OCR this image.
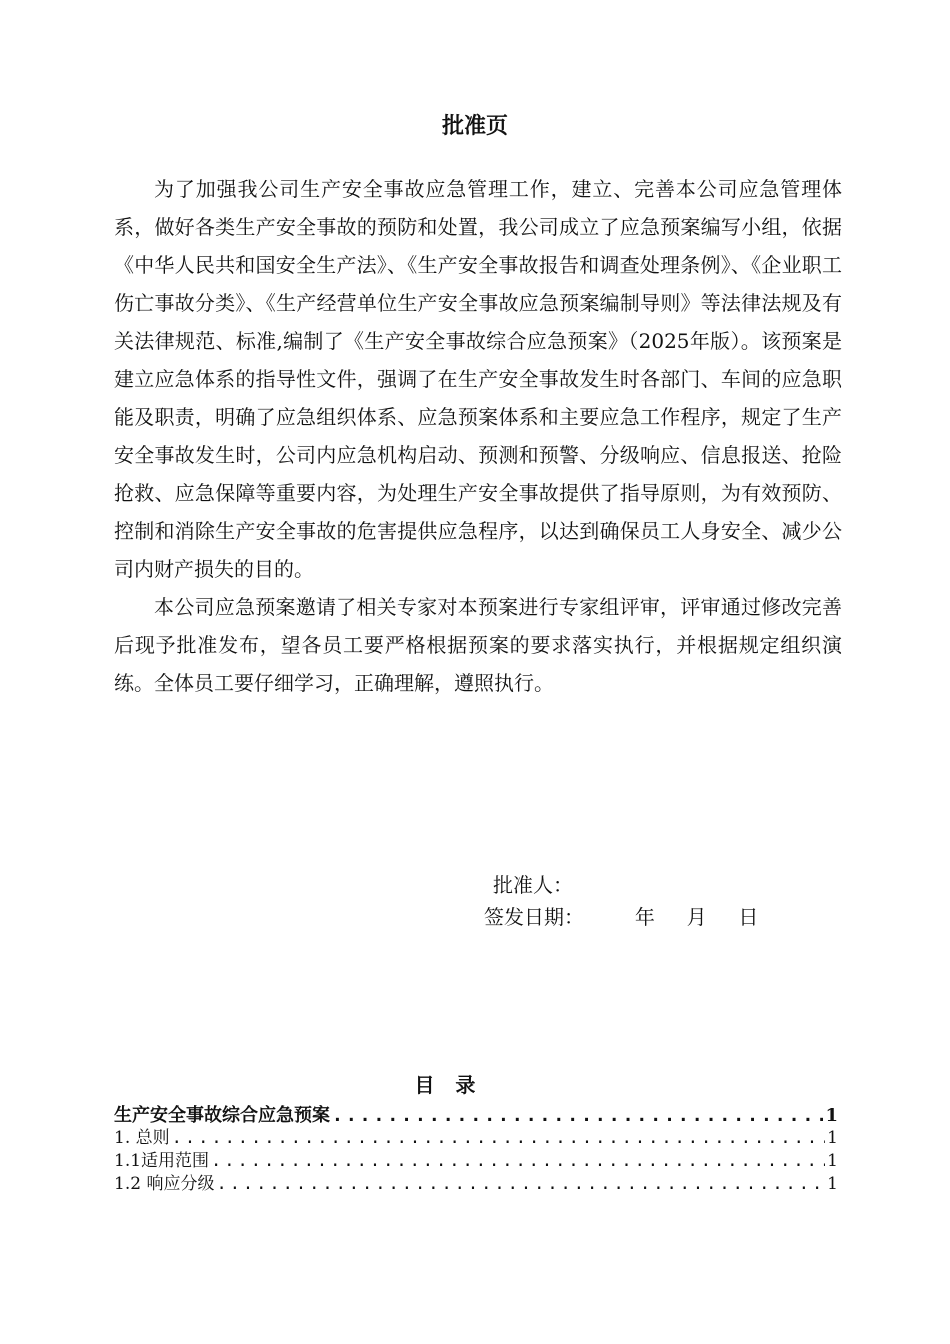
批准页

为了加强我公司生产安全事故应急管理工作，建立、完善本公司应急管理体系，做好各类生产安全事故的预防和处置，我公司成立了应急预案编写小组，依据《中华人民共和国安全生产法》、《生产安全事故报告和调查处理条例》、《企业职工伤亡事故分类》、《生产经营单位生产安全事故应急预案编制导则》等法律法规及有关法律规范、标准,编制了《生产安全事故综合应急预案》（2025年版）。该预案是建立应急体系的指导性文件，强调了在生产安全事故发生时各部门、车间的应急职能及职责，明确了应急组织体系、应急预案体系和主要应急工作程序，规定了生产安全事故发生时，公司内应急机构启动、预测和预警、分级响应、信息报送、抢险抢救、应急保障等重要内容，为处理生产安全事故提供了指导原则，为有效预防、控制和消除生产安全事故的危害提供应急程序，以达到确保员工人身安全、减少公司内财产损失的目的。

本公司应急预案邀请了相关专家对本预案进行专家组评审，评审通过修改完善后现予批准发布，望各员工要严格根据预案的要求落实执行，并根据规定组织演练。全体员工要仔细学习，正确理解，遵照执行。

批准人：
签发日期：        年     月     日
目   录
生产安全事故综合应急预案 .....	1
1. 总则 .....	1
1.1适用范围 .....	1
1.2 响应分级 .....	1
